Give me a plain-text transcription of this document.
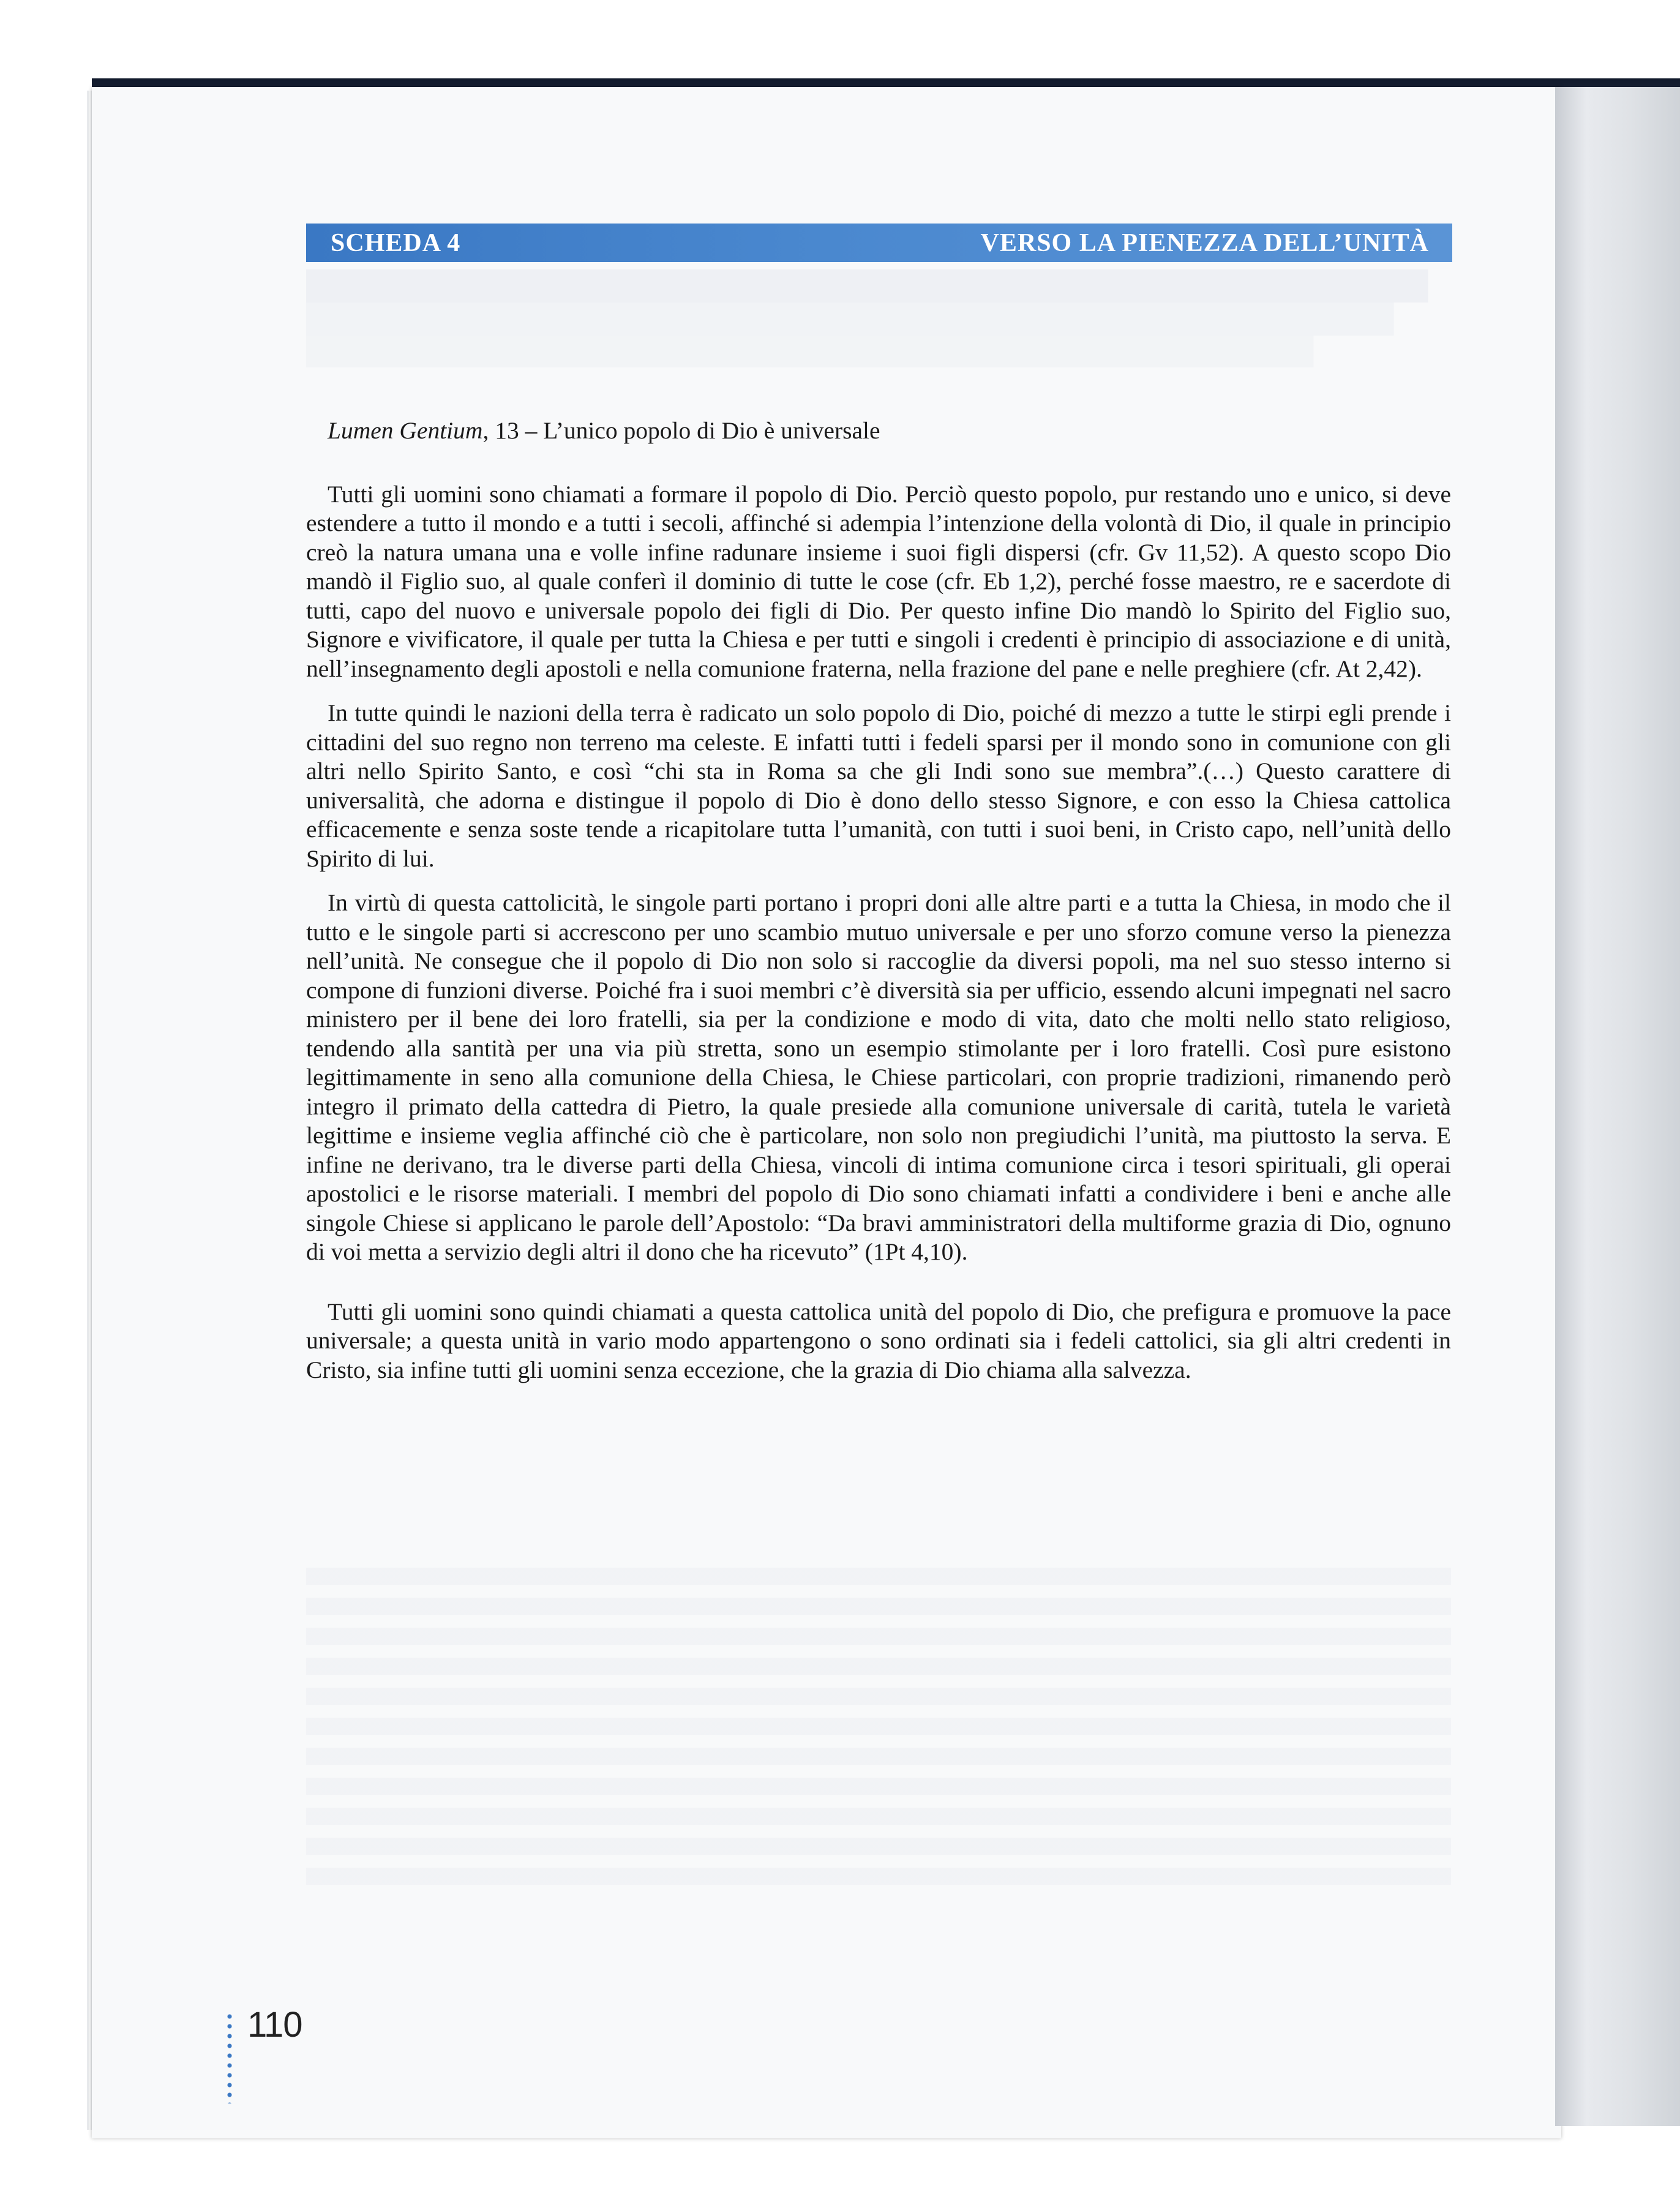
SCHEDA 4	VERSO LA PIENEZZA DELL’UNITÀ

Lumen Gentium, 13 – L’unico popolo di Dio è universale

Tutti gli uomini sono chiamati a formare il popolo di Dio. Perciò questo popolo, pur restando uno e unico, si deve estendere a tutto il mondo e a tutti i secoli, affinché si adempia l’intenzione della volontà di Dio, il quale in principio creò la natura umana una e volle infine radunare insieme i suoi figli dispersi (cfr. Gv 11,52). A questo scopo Dio mandò il Figlio suo, al quale conferì il dominio di tutte le cose (cfr. Eb 1,2), perché fosse maestro, re e sacerdote di tutti, capo del nuovo e universale popolo dei figli di Dio. Per questo infine Dio mandò lo Spirito del Figlio suo, Signore e vivificatore, il quale per tutta la Chiesa e per tutti e singoli i credenti è principio di associazione e di unità, nell’insegnamento degli apostoli e nella comunione fraterna, nella frazione del pane e nelle preghiere (cfr. At 2,42).

In tutte quindi le nazioni della terra è radicato un solo popolo di Dio, poiché di mezzo a tutte le stirpi egli prende i cittadini del suo regno non terreno ma celeste. E infatti tutti i fedeli sparsi per il mondo sono in comunione con gli altri nello Spirito Santo, e così “chi sta in Roma sa che gli Indi sono sue membra”.(…) Questo carattere di universalità, che adorna e distingue il popolo di Dio è dono dello stesso Signore, e con esso la Chiesa cattolica efficacemente e senza soste tende a ricapitolare tutta l’umanità, con tutti i suoi beni, in Cristo capo, nell’unità dello Spirito di lui.

In virtù di questa cattolicità, le singole parti portano i propri doni alle altre parti e a tutta la Chiesa, in modo che il tutto e le singole parti si accrescono per uno scambio mutuo universale e per uno sforzo comune verso la pienezza nell’unità. Ne consegue che il popolo di Dio non solo si raccoglie da diversi popoli, ma nel suo stesso interno si compone di funzioni diverse. Poiché fra i suoi membri c’è diversità sia per ufficio, essendo alcuni impegnati nel sacro ministero per il bene dei loro fratelli, sia per la condizione e modo di vita, dato che molti nello stato religioso, tendendo alla santità per una via più stretta, sono un esempio stimolante per i loro fratelli. Così pure esistono legittimamente in seno alla comunione della Chiesa, le Chiese particolari, con proprie tradizioni, rimanendo però integro il primato della cattedra di Pietro, la quale presiede alla comunione universale di carità, tutela le varietà legittime e insieme veglia affinché ciò che è particolare, non solo non pregiudichi l’unità, ma piuttosto la serva. E infine ne derivano, tra le diverse parti della Chiesa, vincoli di intima comunione circa i tesori spirituali, gli operai apostolici e le risorse materiali. I membri del popolo di Dio sono chiamati infatti a condividere i beni e anche alle singole Chiese si applicano le parole dell’Apostolo: “Da bravi amministratori della multiforme grazia di Dio, ognuno di voi metta a servizio degli altri il dono che ha ricevuto” (1Pt 4,10).

Tutti gli uomini sono quindi chiamati a questa cattolica unità del popolo di Dio, che prefigura e promuove la pace universale; a questa unità in vario modo appartengono o sono ordinati sia i fedeli cattolici, sia gli altri credenti in Cristo, sia infine tutti gli uomini senza eccezione, che la grazia di Dio chiama alla salvezza.

110
